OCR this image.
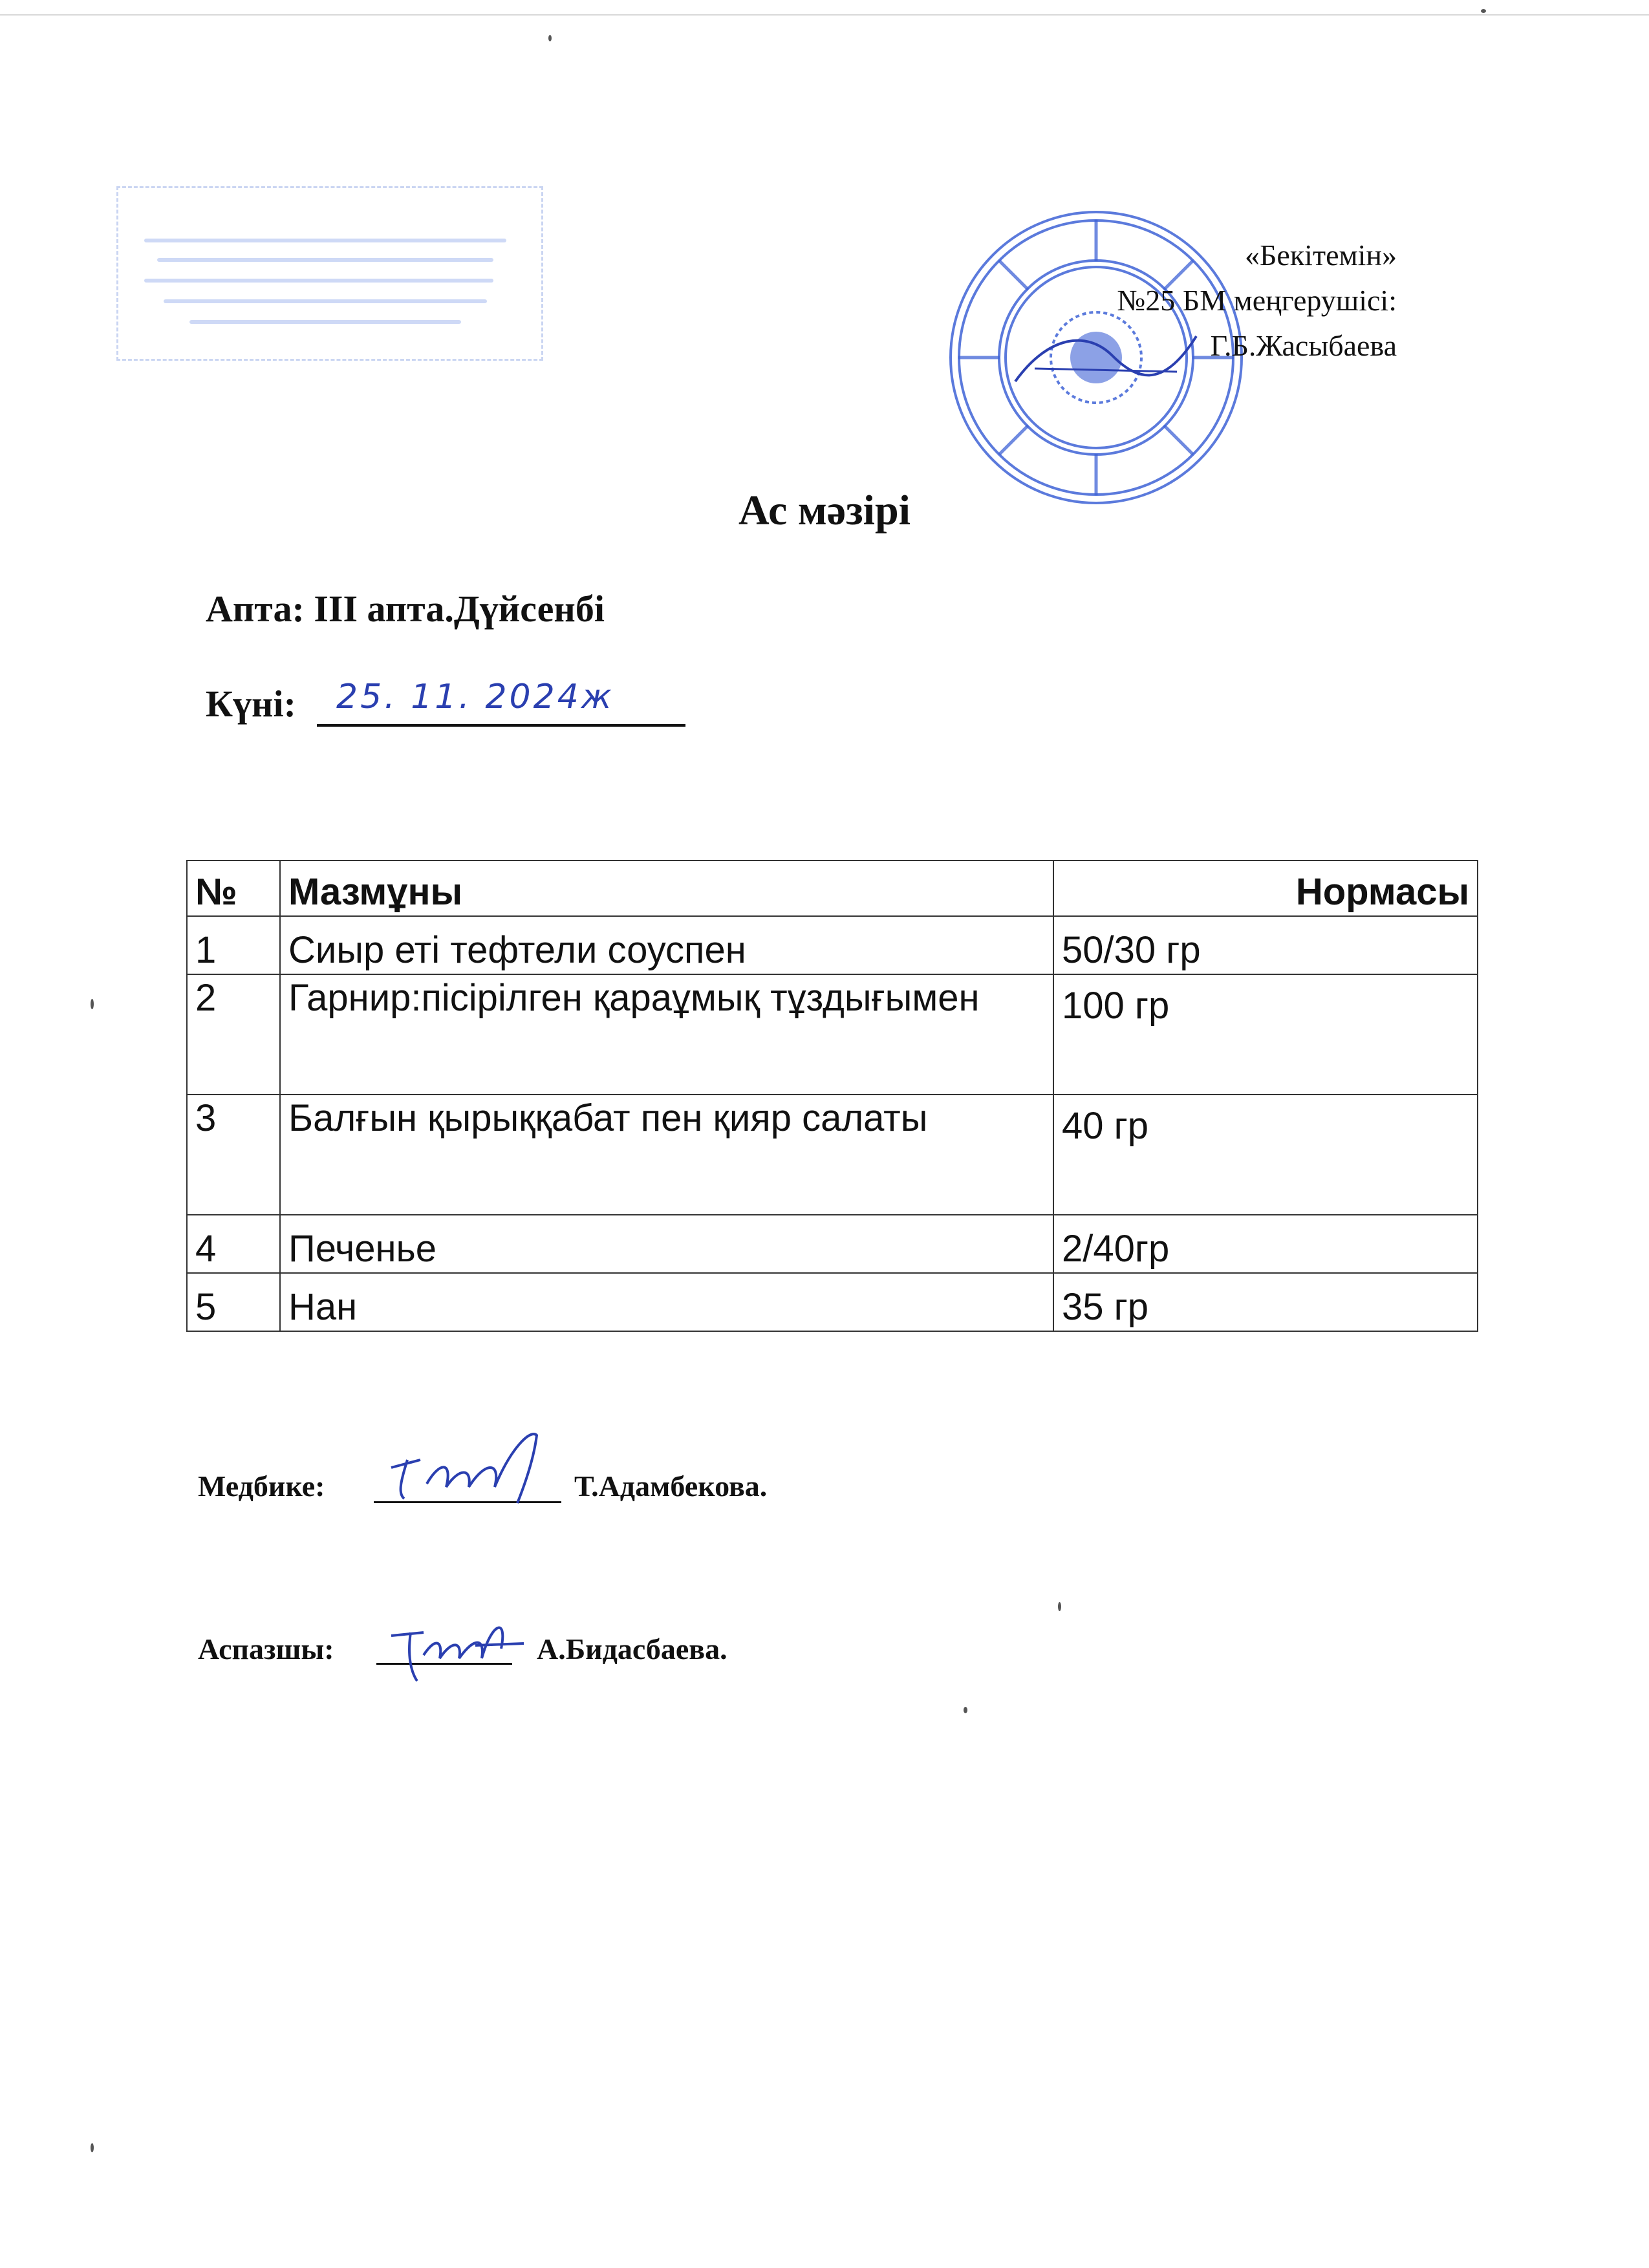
«Бекітемін»
№25 БМ меңгерушісі:
Г.Б.Жасыбаева
Ас мәзірі
Апта: III апта.Дүйсенбі
Күні: 25. 11. 2024ж
№	Мазмұны	Нормасы
1	Сиыр еті тефтели соуспен	50/30 гр
2	Гарнир:пісірілген қараұмық тұздығымен	100 гр
3	Балғын қырыққабат пен қияр салаты	40 гр
4	Печенье	2/40гр
5	Нан	35 гр
Медбике:	Т.Адамбекова.
Аспазшы:	А.Бидасбаева.
